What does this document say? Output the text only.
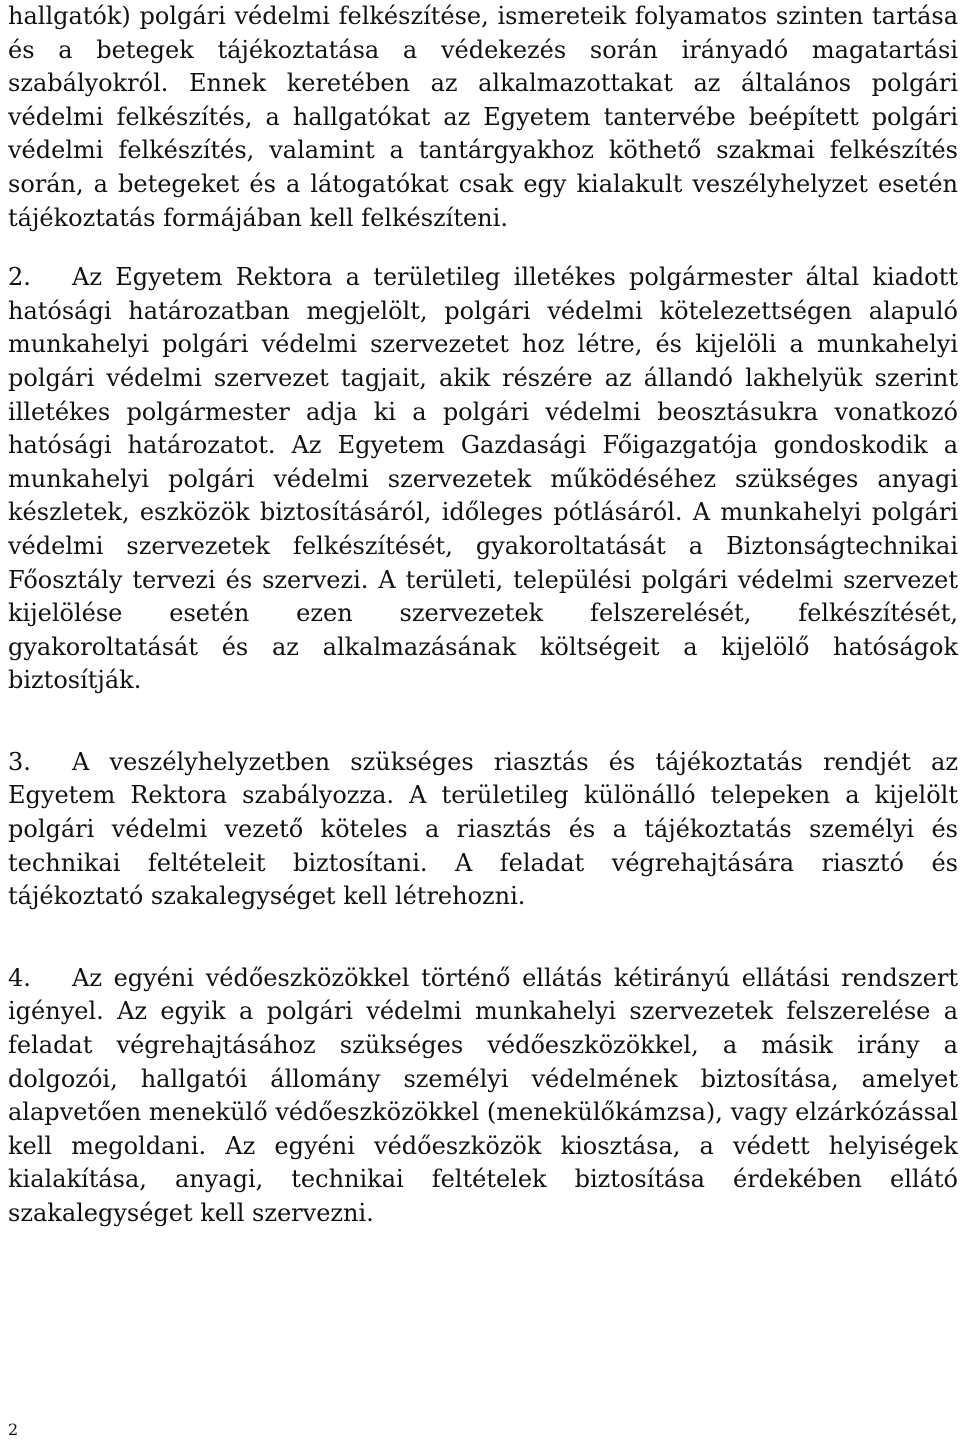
hallgatók) polgári védelmi felkészítése, ismereteik folyamatos szinten tartása és a betegek tájékoztatása a védekezés során irányadó magatartási szabályokról. Ennek keretében az alkalmazottakat az általános polgári védelmi felkészítés, a hallgatókat az Egyetem tantervébe beépített polgári védelmi felkészítés, valamint a tantárgyakhoz köthető szakmai felkészítés során, a betegeket és a látogatókat csak egy kialakult veszélyhelyzet esetén tájékoztatás formájában kell felkészíteni.

2. Az Egyetem Rektora a területileg illetékes polgármester által kiadott hatósági határozatban megjelölt, polgári védelmi kötelezettségen alapuló munkahelyi polgári védelmi szervezetet hoz létre, és kijelöli a munkahelyi polgári védelmi szervezet tagjait, akik részére az állandó lakhelyük szerint illetékes polgármester adja ki a polgári védelmi beosztásukra vonatkozó hatósági határozatot. Az Egyetem Gazdasági Főigazgatója gondoskodik a munkahelyi polgári védelmi szervezetek működéséhez szükséges anyagi készletek, eszközök biztosításáról, időleges pótlásáról. A munkahelyi polgári védelmi szervezetek felkészítését, gyakoroltatását a Biztonságtechnikai Főosztály tervezi és szervezi. A területi, települési polgári védelmi szervezet kijelölése esetén ezen szervezetek felszerelését, felkészítését, gyakoroltatását és az alkalmazásának költségeit a kijelölő hatóságok biztosítják.

3. A veszélyhelyzetben szükséges riasztás és tájékoztatás rendjét az Egyetem Rektora szabályozza. A területileg különálló telepeken a kijelölt polgári védelmi vezető köteles a riasztás és a tájékoztatás személyi és technikai feltételeit biztosítani. A feladat végrehajtására riasztó és tájékoztató szakalegységet kell létrehozni.

4. Az egyéni védőeszközökkel történő ellátás kétirányú ellátási rendszert igényel. Az egyik a polgári védelmi munkahelyi szervezetek felszerelése a feladat végrehajtásához szükséges védőeszközökkel, a másik irány a dolgozói, hallgatói állomány személyi védelmének biztosítása, amelyet alapvetően menekülő védőeszközökkel (menekülőkámzsa), vagy elzárkózással kell megoldani. Az egyéni védőeszközök kiosztása, a védett helyiségek kialakítása, anyagi, technikai feltételek biztosítása érdekében ellátó szakalegységet kell szervezni.

2
